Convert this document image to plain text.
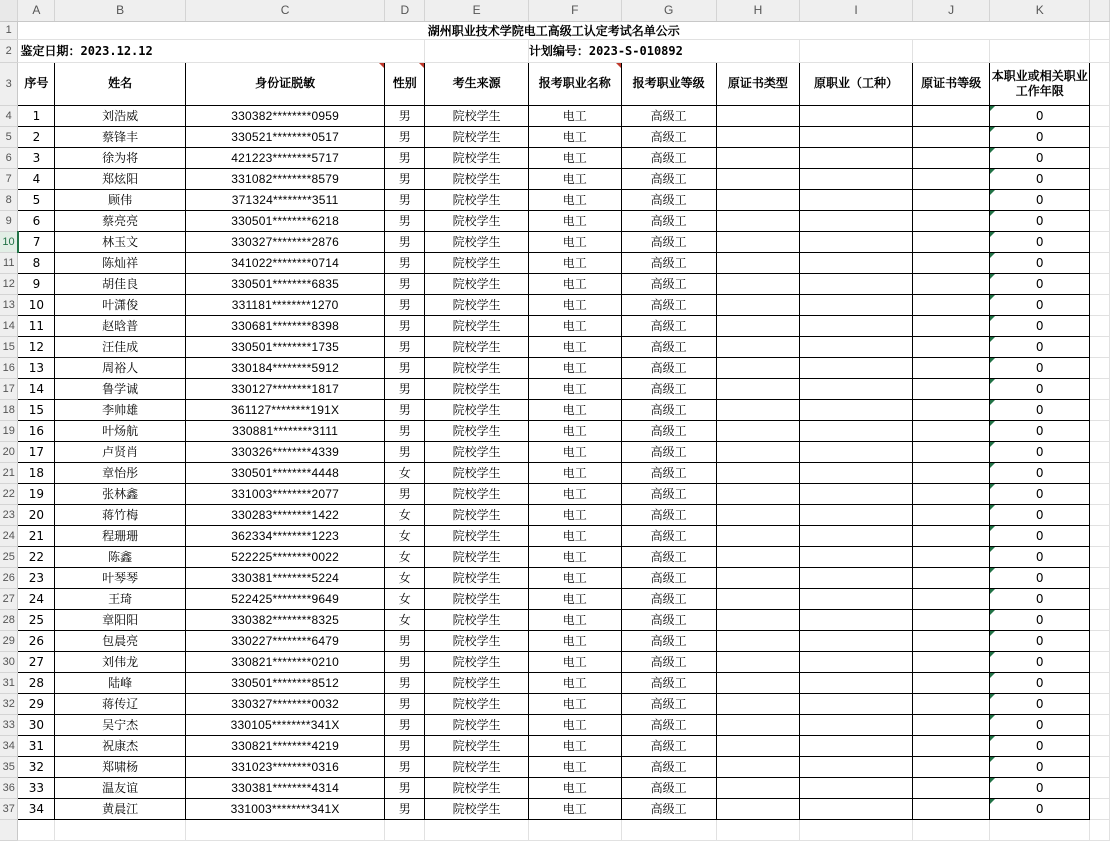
	A	B	C	D	E	F	G	H	I	J	K	
1	湖州职业技术学院电工高级工认定考试名单公示											
2	鉴定日期：2023.12.12					计划编号：2023-S-010892						
3	序号	姓名	身份证脱敏	性别	考生来源	报考职业名称	报考职业等级	原证书类型	原职业（工种）	原证书等级	本职业或相关职业工作年限	
4	1	刘浩威	330382********0959	男	院校学生	电工	高级工				0	
5	2	蔡锋丰	330521********0517	男	院校学生	电工	高级工				0	
6	3	徐为将	421223********5717	男	院校学生	电工	高级工				0	
7	4	郑炫阳	331082********8579	男	院校学生	电工	高级工				0	
8	5	顾伟	371324********3511	男	院校学生	电工	高级工				0	
9	6	蔡亮亮	330501********6218	男	院校学生	电工	高级工				0	
10	7	林玉文	330327********2876	男	院校学生	电工	高级工				0	
11	8	陈灿祥	341022********0714	男	院校学生	电工	高级工				0	
12	9	胡佳良	330501********6835	男	院校学生	电工	高级工				0	
13	10	叶潇俊	331181********1270	男	院校学生	电工	高级工				0	
14	11	赵晗普	330681********8398	男	院校学生	电工	高级工				0	
15	12	汪佳成	330501********1735	男	院校学生	电工	高级工				0	
16	13	周裕人	330184********5912	男	院校学生	电工	高级工				0	
17	14	鲁学诚	330127********1817	男	院校学生	电工	高级工				0	
18	15	李帅雄	361127********191X	男	院校学生	电工	高级工				0	
19	16	叶炀航	330881********3111	男	院校学生	电工	高级工				0	
20	17	卢贤肖	330326********4339	男	院校学生	电工	高级工				0	
21	18	章怡彤	330501********4448	女	院校学生	电工	高级工				0	
22	19	张林鑫	331003********2077	男	院校学生	电工	高级工				0	
23	20	蒋竹梅	330283********1422	女	院校学生	电工	高级工				0	
24	21	程珊珊	362334********1223	女	院校学生	电工	高级工				0	
25	22	陈鑫	522225********0022	女	院校学生	电工	高级工				0	
26	23	叶琴琴	330381********5224	女	院校学生	电工	高级工				0	
27	24	王琦	522425********9649	女	院校学生	电工	高级工				0	
28	25	章阳阳	330382********8325	女	院校学生	电工	高级工				0	
29	26	包晨亮	330227********6479	男	院校学生	电工	高级工				0	
30	27	刘伟龙	330821********0210	男	院校学生	电工	高级工				0	
31	28	陆峰	330501********8512	男	院校学生	电工	高级工				0	
32	29	蒋传辽	330327********0032	男	院校学生	电工	高级工				0	
33	30	吴宁杰	330105********341X	男	院校学生	电工	高级工				0	
34	31	祝康杰	330821********4219	男	院校学生	电工	高级工				0	
35	32	郑啸杨	331023********0316	男	院校学生	电工	高级工				0	
36	33	温友谊	330381********4314	男	院校学生	电工	高级工				0	
37	34	黄晨江	331003********341X	男	院校学生	电工	高级工				0	
